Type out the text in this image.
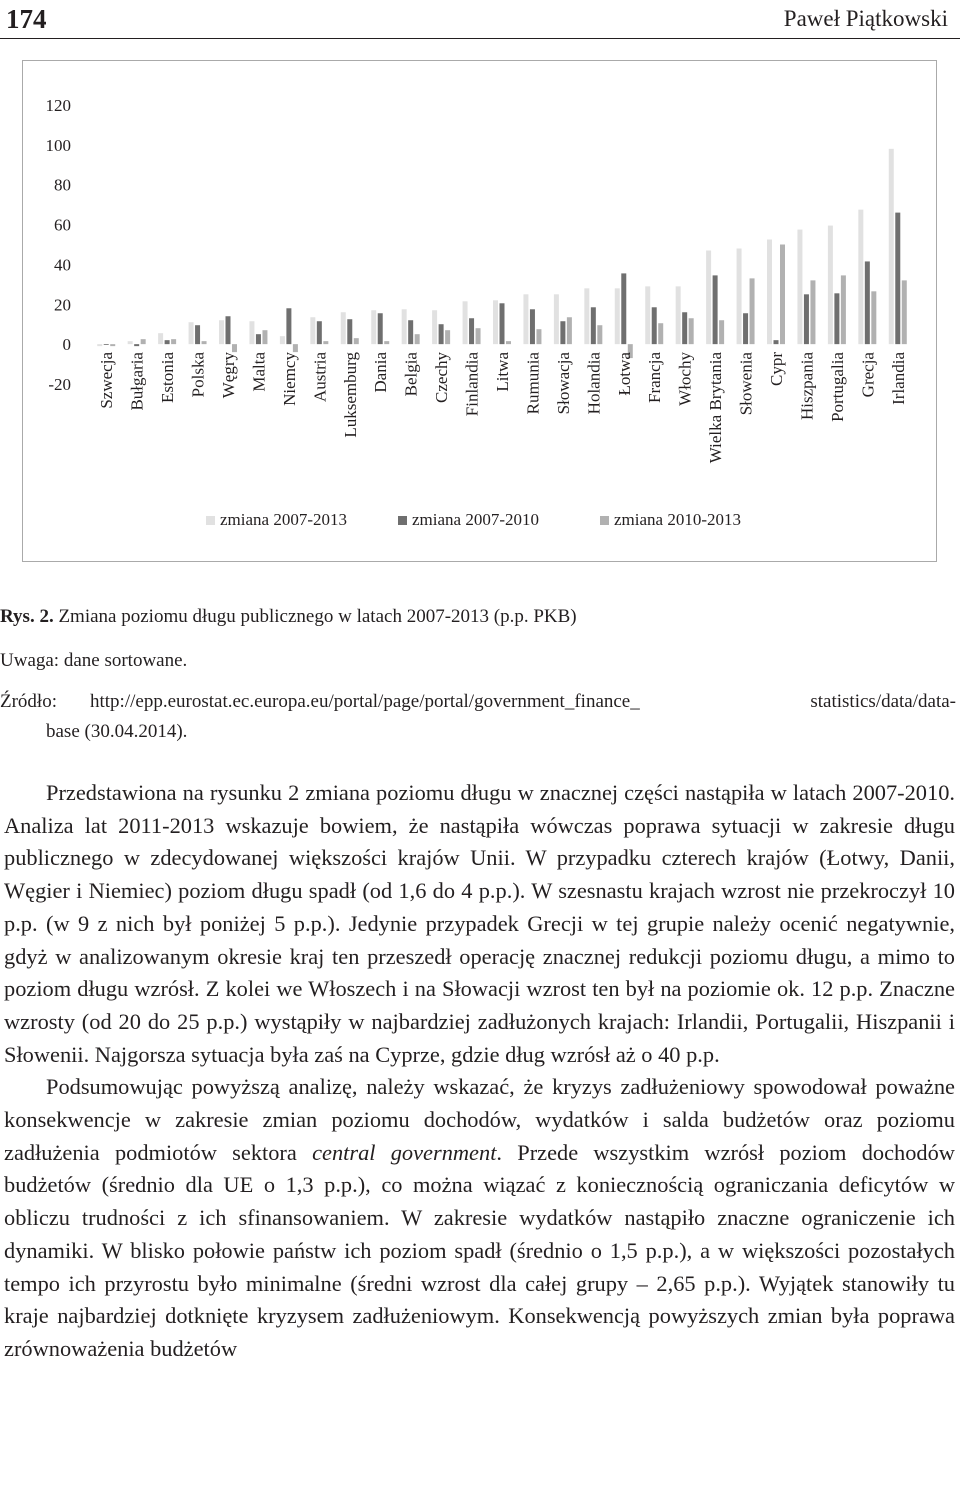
174	Paweł Piątkowski
120
100
80
60
40
20
0
-20 Szwecja Bułgaria Estonia Polska Węgry Malta Niemcy Austria Luksemburg Dania Belgia Czechy Finlandia Litwa Rumunia Słowacja Holandia Łotwa Francja Włochy Wielka Brytania Słowenia Cypr Hiszpania Portugalia Grecja Irlandia
zmiana 2007-2013	zmiana 2007-2010	zmiana 2010-2013
Rys. 2. Zmiana poziomu długu publicznego w latach 2007-2013 (p.p. PKB)
Uwaga: dane sortowane.
Źródło: http://epp.eurostat.ec.europa.eu/portal/page/portal/government_finance_ statistics/data/data-
base (30.04.2014).

Przedstawiona na rysunku 2 zmiana poziomu długu w znacznej części nastąpiła w latach 2007-2010. Analiza lat 2011-2013 wskazuje bowiem, że nastąpiła wówczas poprawa sytuacji w zakresie długu publicznego w zdecydowanej większości krajów Unii. W przypadku czterech krajów (Łotwy, Danii, Węgier i Niemiec) poziom długu spadł (od 1,6 do 4 p.p.). W szesnastu krajach wzrost nie przekroczył 10 p.p. (w 9 z nich był poniżej 5 p.p.). Jedynie przypadek Grecji w tej grupie należy ocenić negatywnie, gdyż w analizowanym okresie kraj ten przeszedł operację znacznej redukcji poziomu długu, a mimo to poziom długu wzrósł. Z kolei we Włoszech i na Słowacji wzrost ten był na poziomie ok. 12 p.p. Znaczne wzrosty (od 20 do 25 p.p.) wystąpiły w najbardziej zadłużonych krajach: Irlandii, Portugalii, Hiszpanii i Słowenii. Najgorsza sytuacja była zaś na Cyprze, gdzie dług wzrósł aż o 40 p.p.

Podsumowując powyższą analizę, należy wskazać, że kryzys zadłużeniowy spowodował poważne konsekwencje w zakresie zmian poziomu dochodów, wydatków i salda budżetów oraz poziomu zadłużenia podmiotów sektora central government. Przede wszystkim wzrósł poziom dochodów budżetów (średnio dla UE o 1,3 p.p.), co można wiązać z koniecznością ograniczania deficytów w obliczu trudności z ich sfinansowaniem. W zakresie wydatków nastąpiło znaczne ograniczenie ich dynamiki. W blisko połowie państw ich poziom spadł (średnio o 1,5 p.p.), a w większości pozostałych tempo ich przyrostu było minimalne (średni wzrost dla całej grupy – 2,65 p.p.). Wyjątek stanowiły tu kraje najbardziej dotknięte kryzysem zadłużeniowym. Konsekwencją powyższych zmian była poprawa zrównoważenia budżetów
